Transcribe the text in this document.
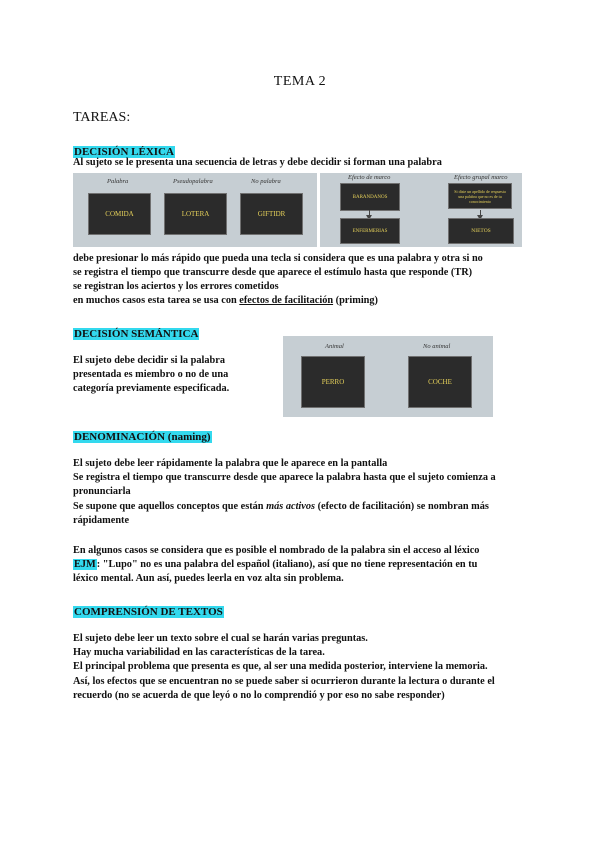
TEMA 2
TAREAS:
DECISIÓN LÉXICA
Al sujeto se le presenta una secuencia de letras y debe decidir si forman una palabra
Palabra	Pseudopalabra	No palabra
COMIDA	LOTERA	GIFTIDR
Efecto de marco	Efecto grupal marco
BARANDANOS
ENFERMERIAS
Si diste un apellido de respuesta una palabra que no es de tu conocimiento
NIETOS
debe presionar lo más rápido que pueda una tecla si considera que es una palabra y otra si no
se registra el tiempo que transcurre desde que aparece el estímulo hasta que responde (TR)
se registran los aciertos y los errores cometidos
en muchos casos esta tarea se usa con efectos de facilitación (priming)
DECISIÓN SEMÁNTICA
El sujeto debe decidir si la palabra
presentada es miembro o no de una
categoría previamente especificada.
Animal	No animal
PERRO	COCHE
DENOMINACIÓN (naming)
El sujeto debe leer rápidamente la palabra que le aparece en la pantalla
Se registra el tiempo que transcurre desde que aparece la palabra hasta que el sujeto comienza a
pronunciarla
Se supone que aquellos conceptos que están más activos (efecto de facilitación) se nombran más
rápidamente
En algunos casos se considera que es posible el nombrado de la palabra sin el acceso al léxico
EJM: "Lupo" no es una palabra del español (italiano), así que no tiene representación en tu
léxico mental. Aun así, puedes leerla en voz alta sin problema.
COMPRENSIÓN DE TEXTOS
El sujeto debe leer un texto sobre el cual se harán varias preguntas.
Hay mucha variabilidad en las características de la tarea.
El principal problema que presenta es que, al ser una medida posterior, interviene la memoria.
Así, los efectos que se encuentran no se puede saber si ocurrieron durante la lectura o durante el
recuerdo (no se acuerda de que leyó o no lo comprendió y por eso no sabe responder)
